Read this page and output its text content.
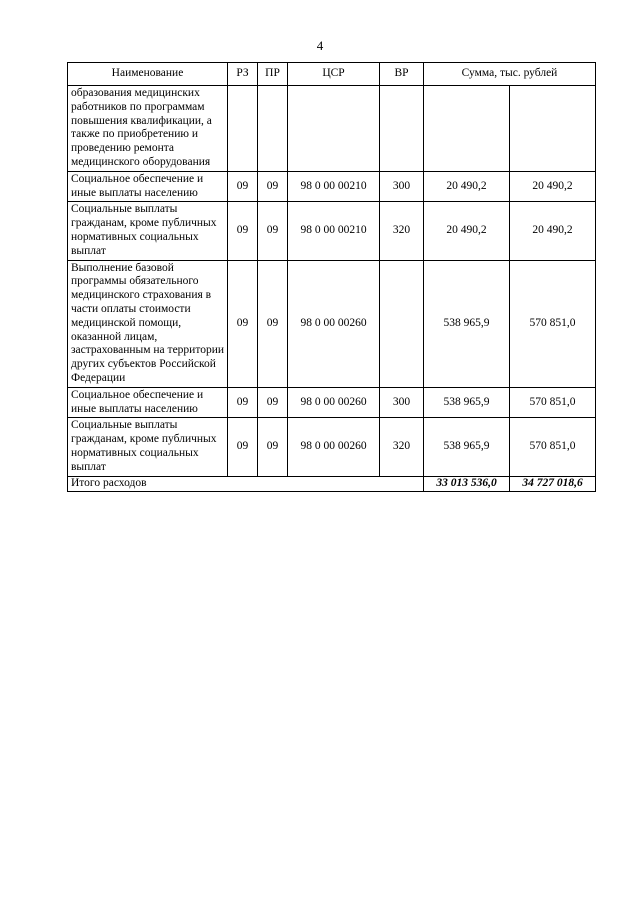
4
Наименование	РЗ	ПР	ЦСР	ВР	Сумма, тыс. рублей	
образования медицинских работников по программам повышения квалификации, а также по приобретению и проведению ремонта медицинского оборудования						
Социальное обеспечение и иные выплаты населению	09	09	98 0 00 00210	300	20 490,2	20 490,2
Социальные выплаты гражданам, кроме публичных нормативных социальных выплат	09	09	98 0 00 00210	320	20 490,2	20 490,2
Выполнение базовой программы обязательного медицинского страхования в части оплаты стоимости медицинской помощи, оказанной лицам, застрахованным на территории других субъектов Российской Федерации	09	09	98 0 00 00260		538 965,9	570 851,0
Социальное обеспечение и иные выплаты населению	09	09	98 0 00 00260	300	538 965,9	570 851,0
Социальные выплаты гражданам, кроме публичных нормативных социальных выплат	09	09	98 0 00 00260	320	538 965,9	570 851,0
Итого расходов					33 013 536,0	34 727 018,6
